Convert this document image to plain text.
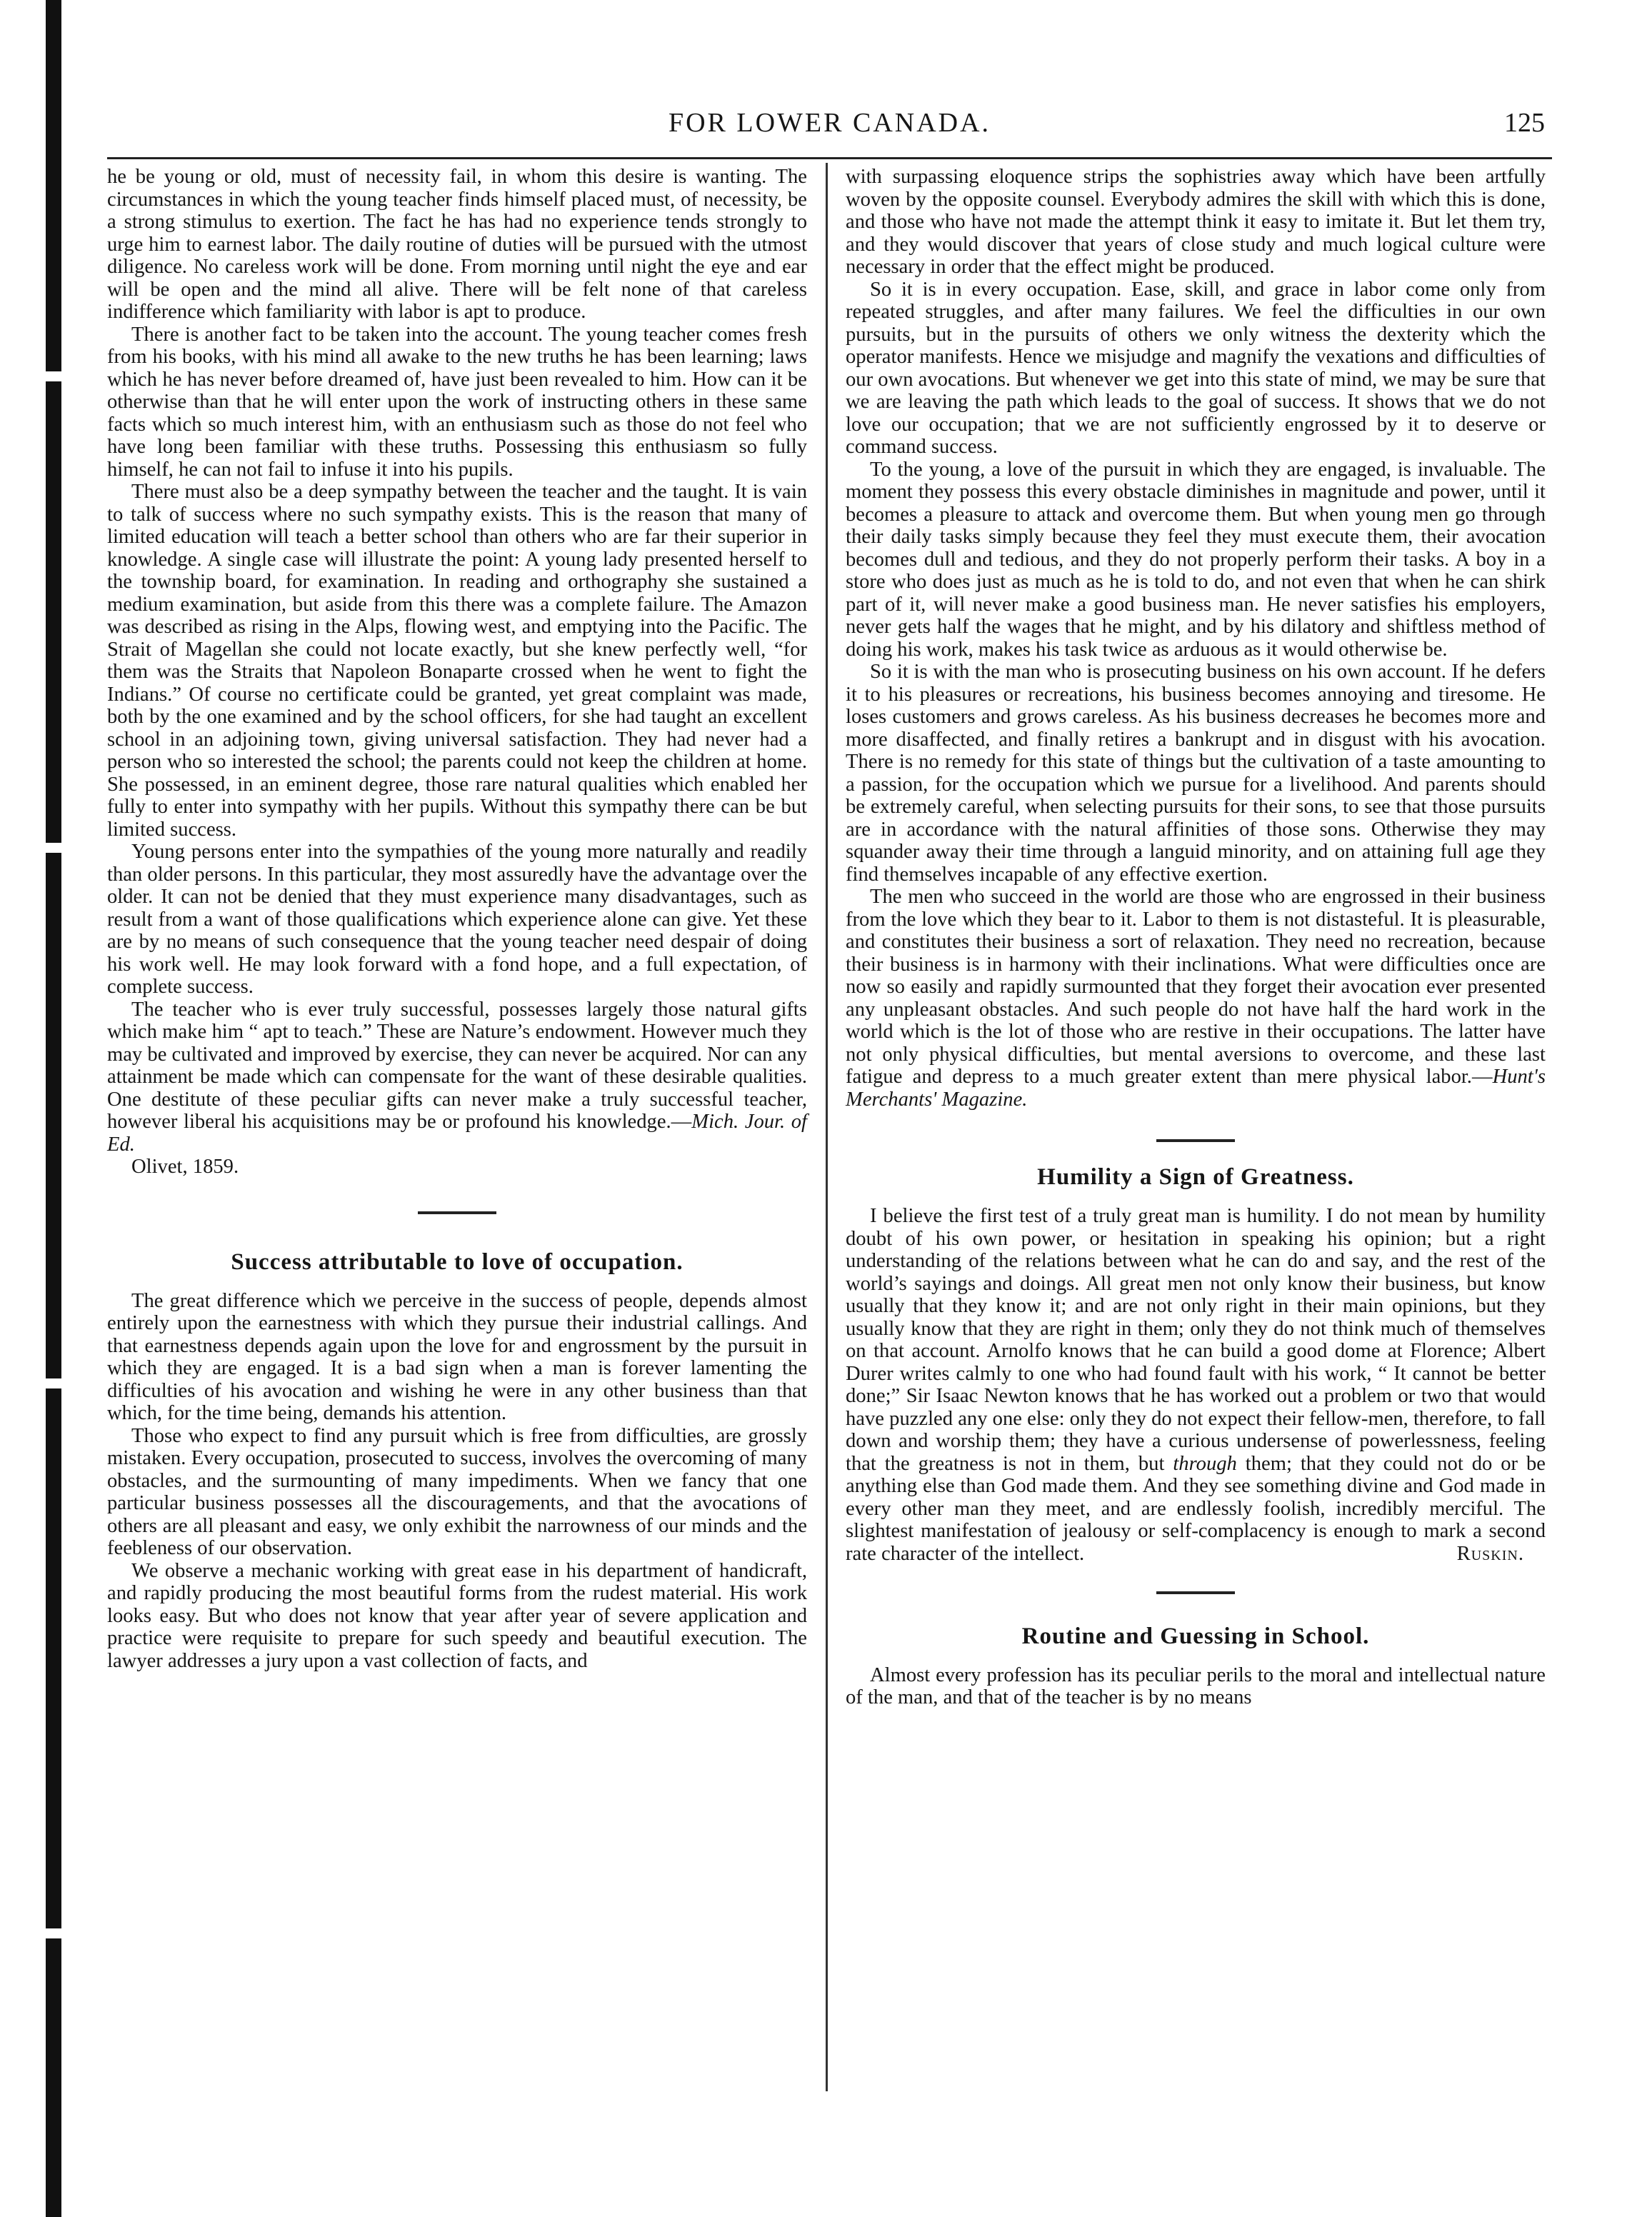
FOR LOWER CANADA.	125

he be young or old, must of necessity fail, in whom this desire is wanting. The circumstances in which the young teacher finds himself placed must, of necessity, be a strong stimulus to exertion. The fact he has had no experience tends strongly to urge him to earnest labor. The daily routine of duties will be pursued with the utmost diligence. No careless work will be done. From morning until night the eye and ear will be open and the mind all alive. There will be felt none of that careless indifference which familiarity with labor is apt to produce.

There is another fact to be taken into the account. The young teacher comes fresh from his books, with his mind all awake to the new truths he has been learning; laws which he has never before dreamed of, have just been revealed to him. How can it be otherwise than that he will enter upon the work of instructing others in these same facts which so much interest him, with an enthusiasm such as those do not feel who have long been familiar with these truths. Possessing this enthusiasm so fully himself, he can not fail to infuse it into his pupils.

There must also be a deep sympathy between the teacher and the taught. It is vain to talk of success where no such sympathy exists. This is the reason that many of limited education will teach a better school than others who are far their superior in knowledge. A single case will illustrate the point: A young lady presented herself to the township board, for examination. In reading and orthography she sustained a medium examination, but aside from this there was a complete failure. The Amazon was described as rising in the Alps, flowing west, and emptying into the Pacific. The Strait of Magellan she could not locate exactly, but she knew perfectly well, “for them was the Straits that Napoleon Bonaparte crossed when he went to fight the Indians.” Of course no certificate could be granted, yet great complaint was made, both by the one examined and by the school officers, for she had taught an excellent school in an adjoining town, giving universal satisfaction. They had never had a person who so interested the school; the parents could not keep the children at home. She possessed, in an eminent degree, those rare natural qualities which enabled her fully to enter into sympathy with her pupils. Without this sympathy there can be but limited success.

Young persons enter into the sympathies of the young more naturally and readily than older persons. In this particular, they most assuredly have the advantage over the older. It can not be denied that they must experience many disadvantages, such as result from a want of those qualifications which experience alone can give. Yet these are by no means of such consequence that the young teacher need despair of doing his work well. He may look forward with a fond hope, and a full expectation, of complete success.

The teacher who is ever truly successful, possesses largely those natural gifts which make him “ apt to teach.” These are Nature’s endowment. However much they may be cultivated and improved by exercise, they can never be acquired. Nor can any attainment be made which can compensate for the want of these desirable qualities. One destitute of these peculiar gifts can never make a truly successful teacher, however liberal his acquisitions may be or profound his knowledge.—Mich. Jour. of Ed.

Olivet, 1859.

Success attributable to love of occupation.

The great difference which we perceive in the success of people, depends almost entirely upon the earnestness with which they pursue their industrial callings. And that earnestness depends again upon the love for and engrossment by the pursuit in which they are engaged. It is a bad sign when a man is forever lamenting the difficulties of his avocation and wishing he were in any other business than that which, for the time being, demands his attention.

Those who expect to find any pursuit which is free from difficulties, are grossly mistaken. Every occupation, prosecuted to success, involves the overcoming of many obstacles, and the surmounting of many impediments. When we fancy that one particular business possesses all the discouragements, and that the avocations of others are all pleasant and easy, we only exhibit the narrowness of our minds and the feebleness of our observation.

We observe a mechanic working with great ease in his department of handicraft, and rapidly producing the most beautiful forms from the rudest material. His work looks easy. But who does not know that year after year of severe application and practice were requisite to prepare for such speedy and beautiful execution. The lawyer addresses a jury upon a vast collection of facts, and

with surpassing eloquence strips the sophistries away which have been artfully woven by the opposite counsel. Everybody admires the skill with which this is done, and those who have not made the attempt think it easy to imitate it. But let them try, and they would discover that years of close study and much logical culture were necessary in order that the effect might be produced.

So it is in every occupation. Ease, skill, and grace in labor come only from repeated struggles, and after many failures. We feel the difficulties in our own pursuits, but in the pursuits of others we only witness the dexterity which the operator manifests. Hence we misjudge and magnify the vexations and difficulties of our own avocations. But whenever we get into this state of mind, we may be sure that we are leaving the path which leads to the goal of success. It shows that we do not love our occupation; that we are not sufficiently engrossed by it to deserve or command success.

To the young, a love of the pursuit in which they are engaged, is invaluable. The moment they possess this every obstacle diminishes in magnitude and power, until it becomes a pleasure to attack and overcome them. But when young men go through their daily tasks simply because they feel they must execute them, their avocation becomes dull and tedious, and they do not properly perform their tasks. A boy in a store who does just as much as he is told to do, and not even that when he can shirk part of it, will never make a good business man. He never satisfies his employers, never gets half the wages that he might, and by his dilatory and shiftless method of doing his work, makes his task twice as arduous as it would otherwise be.

So it is with the man who is prosecuting business on his own account. If he defers it to his pleasures or recreations, his business becomes annoying and tiresome. He loses customers and grows careless. As his business decreases he becomes more and more disaffected, and finally retires a bankrupt and in disgust with his avocation. There is no remedy for this state of things but the cultivation of a taste amounting to a passion, for the occupation which we pursue for a livelihood. And parents should be extremely careful, when selecting pursuits for their sons, to see that those pursuits are in accordance with the natural affinities of those sons. Otherwise they may squander away their time through a languid minority, and on attaining full age they find themselves incapable of any effective exertion.

The men who succeed in the world are those who are engrossed in their business from the love which they bear to it. Labor to them is not distasteful. It is pleasurable, and constitutes their business a sort of relaxation. They need no recreation, because their business is in harmony with their inclinations. What were difficulties once are now so easily and rapidly surmounted that they forget their avocation ever presented any unpleasant obstacles. And such people do not have half the hard work in the world which is the lot of those who are restive in their occupations. The latter have not only physical difficulties, but mental aversions to overcome, and these last fatigue and depress to a much greater extent than mere physical labor.—Hunt's Merchants' Magazine.

Humility a Sign of Greatness.

I believe the first test of a truly great man is humility. I do not mean by humility doubt of his own power, or hesitation in speaking his opinion; but a right understanding of the relations between what he can do and say, and the rest of the world’s sayings and doings. All great men not only know their business, but know usually that they know it; and are not only right in their main opinions, but they usually know that they are right in them; only they do not think much of themselves on that account. Arnolfo knows that he can build a good dome at Florence; Albert Durer writes calmly to one who had found fault with his work, “ It cannot be better done;” Sir Isaac Newton knows that he has worked out a problem or two that would have puzzled any one else: only they do not expect their fellow-men, therefore, to fall down and worship them; they have a curious undersense of powerlessness, feeling that the greatness is not in them, but through them; that they could not do or be anything else than God made them. And they see something divine and God made in every other man they meet, and are endlessly foolish, incredibly merciful. The slightest manifestation of jealousy or self-complacency is enough to mark a second rate character of the intellect.	Ruskin.
Routine and Guessing in School.

Almost every profession has its peculiar perils to the moral and intellectual nature of the man, and that of the teacher is by no means
